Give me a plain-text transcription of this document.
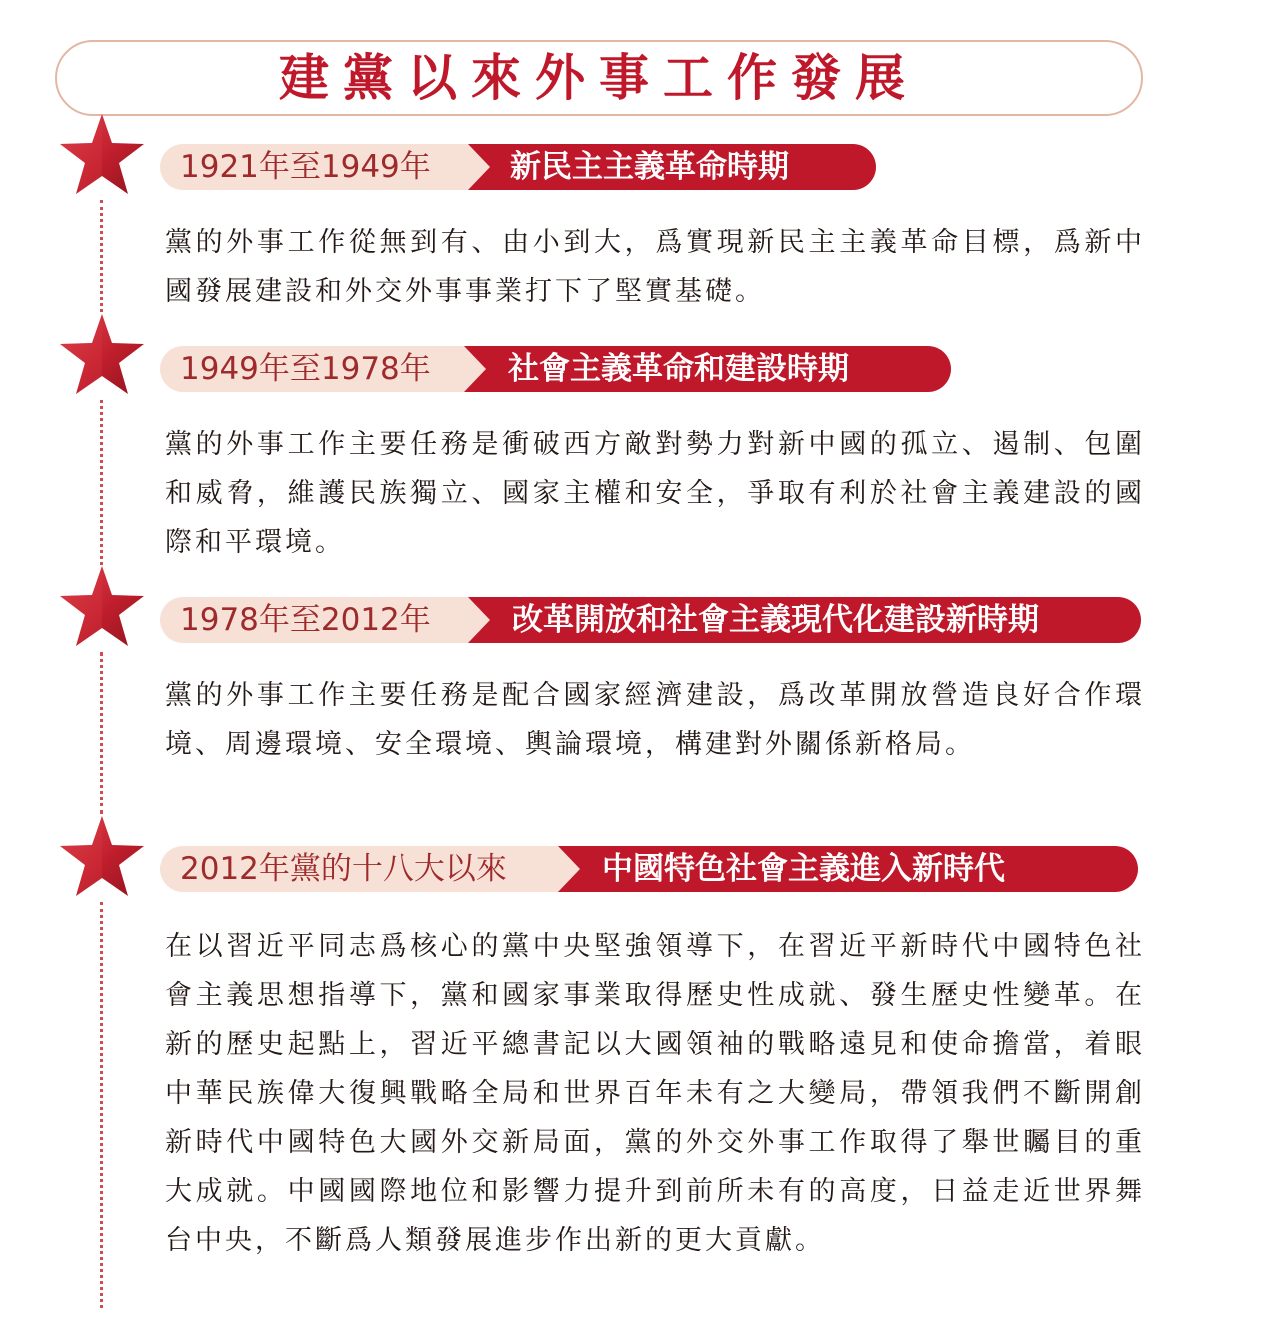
建黨以來外事工作發展
1921年至1949年	新民主主義革命時期
黨的外事工作從無到有、由小到大，爲實現新民主主義革命目標，爲新中國發展建設和外交外事事業打下了堅實基礎。
1949年至1978年	社會主義革命和建設時期
黨的外事工作主要任務是衝破西方敵對勢力對新中國的孤立、遏制、包圍和威脅，維護民族獨立、國家主權和安全，爭取有利於社會主義建設的國際和平環境。
1978年至2012年	改革開放和社會主義現代化建設新時期
黨的外事工作主要任務是配合國家經濟建設，爲改革開放營造良好合作環境、周邊環境、安全環境、輿論環境，構建對外關係新格局。
2012年黨的十八大以來	中國特色社會主義進入新時代
在以習近平同志爲核心的黨中央堅強領導下，在習近平新時代中國特色社會主義思想指導下，黨和國家事業取得歷史性成就、發生歷史性變革。在新的歷史起點上，習近平總書記以大國領袖的戰略遠見和使命擔當，着眼中華民族偉大復興戰略全局和世界百年未有之大變局，帶領我們不斷開創新時代中國特色大國外交新局面，黨的外交外事工作取得了舉世矚目的重大成就。中國國際地位和影響力提升到前所未有的高度，日益走近世界舞台中央，不斷爲人類發展進步作出新的更大貢獻。
